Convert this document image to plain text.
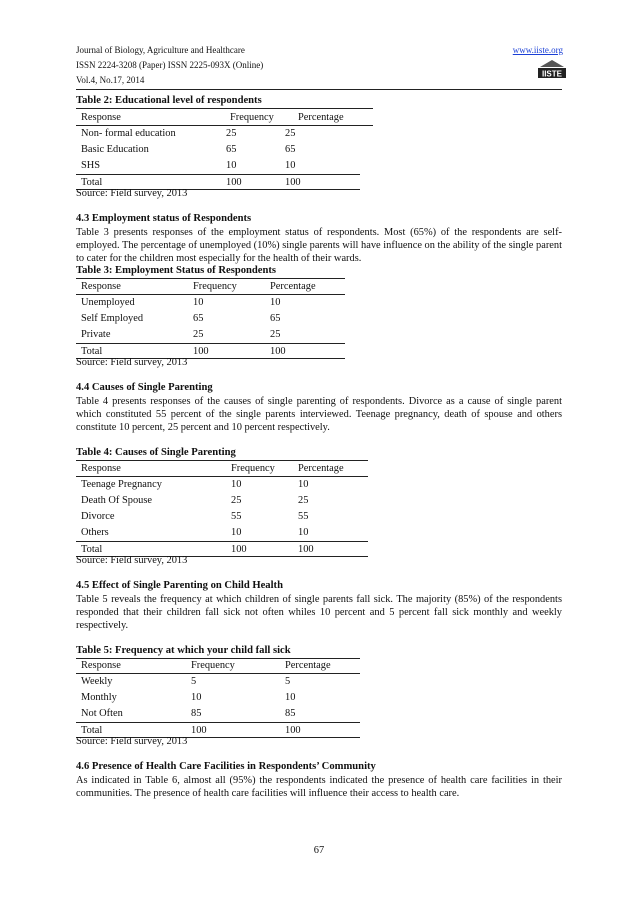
Journal of Biology, Agriculture and Healthcare
ISSN 2224-3208 (Paper) ISSN 2225-093X (Online)
Vol.4, No.17, 2014
www.iiste.org
IISTE
Table 2: Educational level of respondents
Response	Frequency Percentage
Non- formal education	25	25
Basic Education	65	65
SHS	10	10
Total	100	100
Source: Field survey, 2013
4.3 Employment status of Respondents
Table 3 presents responses of the employment status of respondents. Most (65%) of the respondents are self-employed. The percentage of unemployed (10%) single parents will have influence on the ability of the single parent to cater for the children most especially for the health of their wards.
Table 3: Employment Status of Respondents
Response	Frequency	Percentage
Unemployed	10	10
Self Employed	65	65
Private	25	25
Total	100	100
Source: Field survey, 2013
4.4 Causes of Single Parenting
Table 4 presents responses of the causes of single parenting of respondents. Divorce as a cause of single parent which constituted 55 percent of the single parents interviewed. Teenage pregnancy, death of spouse and others constitute 10 percent, 25 percent and 10 percent respectively.
Table 4: Causes of Single Parenting
Response	Frequency Percentage
Teenage Pregnancy	10	10
Death Of Spouse	25	25
Divorce	55	55
Others	10	10
Total	100	100
Source: Field survey, 2013
4.5 Effect of Single Parenting on Child Health
Table 5 reveals the frequency at which children of single parents fall sick. The majority (85%) of the respondents responded that their children fall sick not often whiles 10 percent and 5 percent fall sick monthly and weekly respectively.
Table 5: Frequency at which your child fall sick
Response	Frequency	Percentage
Weekly	5	5
Monthly	10	10
Not Often	85	85
Total	100	100
Source: Field survey, 2013
4.6 Presence of Health Care Facilities in Respondents’ Community
As indicated in Table 6, almost all (95%) the respondents indicated the presence of health care facilities in their communities. The presence of health care facilities will influence their access to health care.
67
